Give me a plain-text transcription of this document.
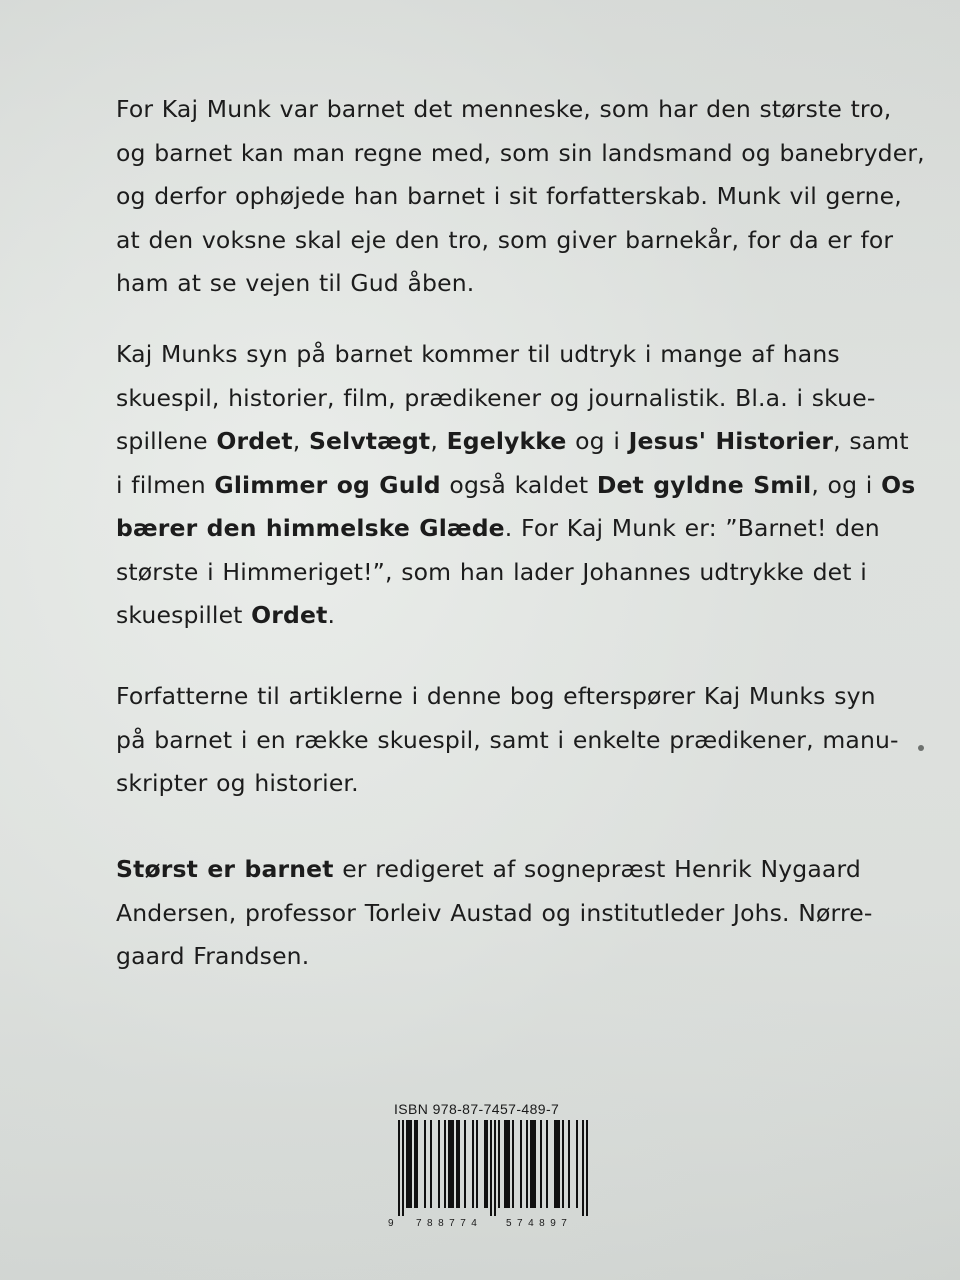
For Kaj Munk var barnet det menneske, som har den største tro,
og barnet kan man regne med, som sin landsmand og banebryder,
og derfor ophøjede han barnet i sit forfatterskab. Munk vil gerne,
at den voksne skal eje den tro, som giver barnekår, for da er for
ham at se vejen til Gud åben.
Kaj Munks syn på barnet kommer til udtryk i mange af hans
skuespil, historier, film, prædikener og journalistik. Bl.a. i skue-
spillene Ordet, Selvtægt, Egelykke og i Jesus' Historier, samt
i filmen Glimmer og Guld også kaldet Det gyldne Smil, og i Os
bærer den himmelske Glæde. For Kaj Munk er: ”Barnet! den
største i Himmeriget!”, som han lader Johannes udtrykke det i
skuespillet Ordet.
Forfatterne til artiklerne i denne bog efterspører Kaj Munks syn
på barnet i en række skuespil, samt i enkelte prædikener, manu-
skripter og historier.
Størst er barnet er redigeret af sognepræst Henrik Nygaard
Andersen, professor Torleiv Austad og institutleder Johs. Nørre-
gaard Frandsen.
ISBN 978-87-7457-489-7
9 788774 574897
